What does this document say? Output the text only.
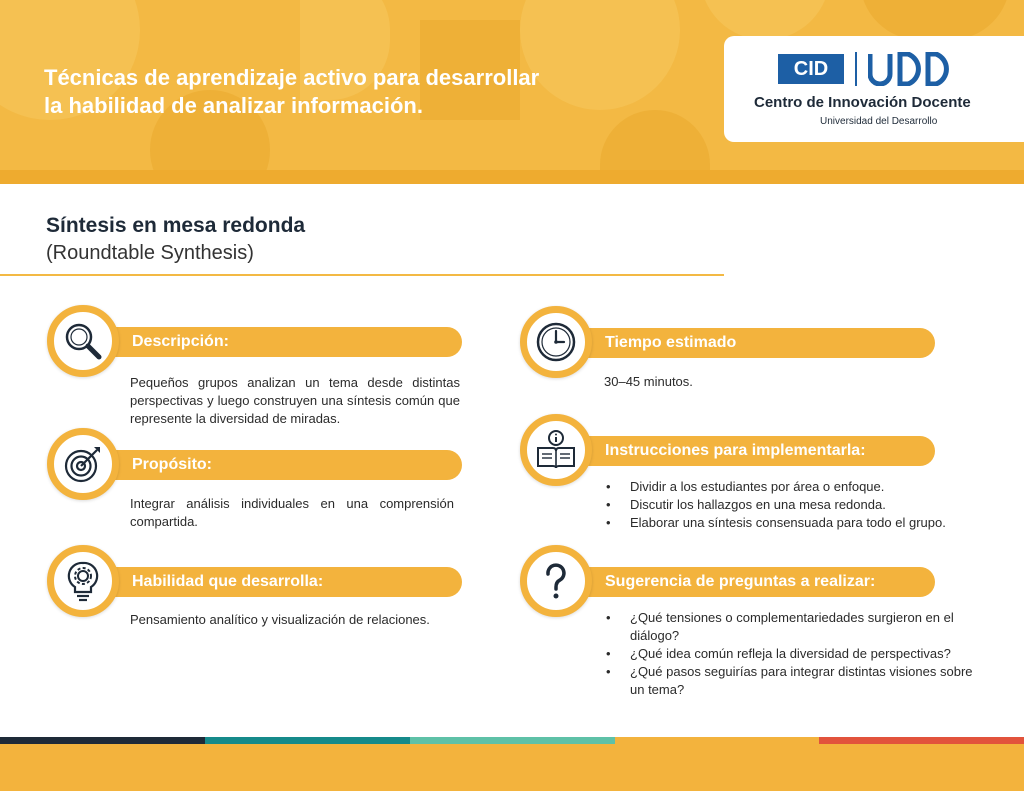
Técnicas de aprendizaje activo para desarrollar
la habilidad de analizar información.
CID
Centro de Innovación Docente
Universidad del Desarrollo
Síntesis en mesa redonda
(Roundtable Synthesis)
Descripción:
Pequeños grupos analizan un tema desde distintas perspectivas y luego construyen una síntesis común que represente la diversidad de miradas.
Propósito:
Integrar análisis individuales en una comprensión compartida.
Habilidad que desarrolla:
Pensamiento analítico y visualización de relaciones.
Tiempo estimado
30–45 minutos.
Instrucciones para implementarla:
• Dividir a los estudiantes por área o enfoque.
• Discutir los hallazgos en una mesa redonda.
• Elaborar una síntesis consensuada para todo el grupo.
Sugerencia de preguntas a realizar:
• ¿Qué tensiones o complementariedades surgieron en el diálogo?
• ¿Qué idea común refleja la diversidad de perspectivas?
• ¿Qué pasos seguirías para integrar distintas visiones sobre un tema?
